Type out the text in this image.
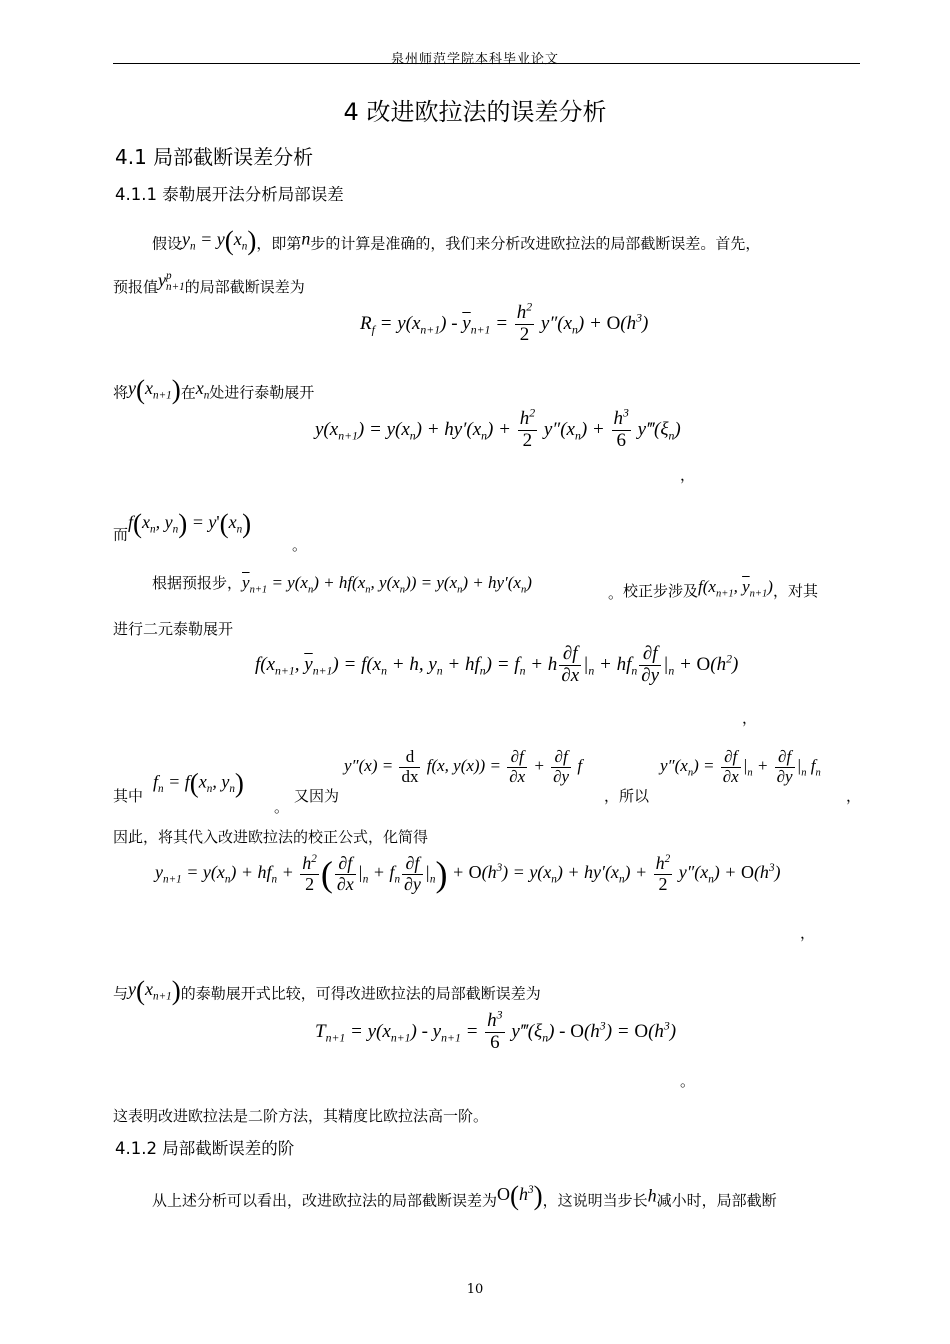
泉州师范学院本科毕业论文
4 改进欧拉法的误差分析
4.1 局部截断误差分析
4.1.1 泰勒展开法分析局部误差
假设$y_n = y(x_n)$，即第n步的计算是准确的，我们来分析改进欧拉法的局部截断误差。首先，
预报值y p
n+1 的局部截断误差为
$R_f = y(x_{n+1}) - \overline{y}_{n+1} = \frac{h^2}{2} y''(x_n) + O(h^3)$
将$y(x_{n+1})$在$x_n$处进行泰勒展开
$y(x_{n+1}) = y(x_n) + hy'(x_n) + \frac{h^2}{2} y''(x_n) + \frac{h^3}{6}$ $y‴(\xi_n)$
，
而$f(x_n$, $y_n) = y'(x_n)$
。
根据预报步，$\overline{y}_{n+1} = y(x_n) + hf(x_n$, $y(x_n)) = y(x_n) + hy'(x_n)$
。 校正步涉及$f(x_{n+1}$, $\overline{y}_{n+1}$)，对其
进行二元泰勒展开
$f(x_{n+1}$, $\overline{y}_{n+1}) = f(x_n + h$, $y_n + hf_n) = f_n + h \frac{\partial f}{\partial x} |_n + hf_n \frac{\partial f}{\partial y} |_n + O(h^2)$
，
其中
$f_n = f(x_n$, $y_n$)
。
又因为
$y''(x) = \frac{d}{dx} f(x$, $y(x)) = \frac{\partial f}{\partial x} + \frac{\partial f}{\partial y}$ f
，所以
$y''(x_n) = \frac{\partial f}{\partial x} |_n + \frac{\partial f}{\partial y} |_n$ $f_n$
，
因此，将其代入改进欧拉法的校正公式，化简得
$y_{n+1} = y(x_n) + hf_n + \frac{h^2}{2}$ ( $\frac{\partial f}{\partial x} |_n + f_n \frac{\partial f}{\partial y} |_n) + O(h^3) = y(x_n) + hy'(x_n) + \frac{h^2}{2} y''(x_n) + O(h^3)$
，
与$y(x_{n+1})$的泰勒展开式比较，可得改进欧拉法的局部截断误差为
$T_{n+1} = y(x_{n+1}) - y_{n+1} = \frac{h^3}{6}$ $y‴(\xi_n) - O(h^3) = O(h^3)$
。
这表明改进欧拉法是二阶方法，其精度比欧拉法高一阶。
4.1.2 局部截断误差的阶
从上述分析可以看出，改进欧拉法的局部截断误差为$O(h^3)$，这说明当步长h减小时，局部截断
10
